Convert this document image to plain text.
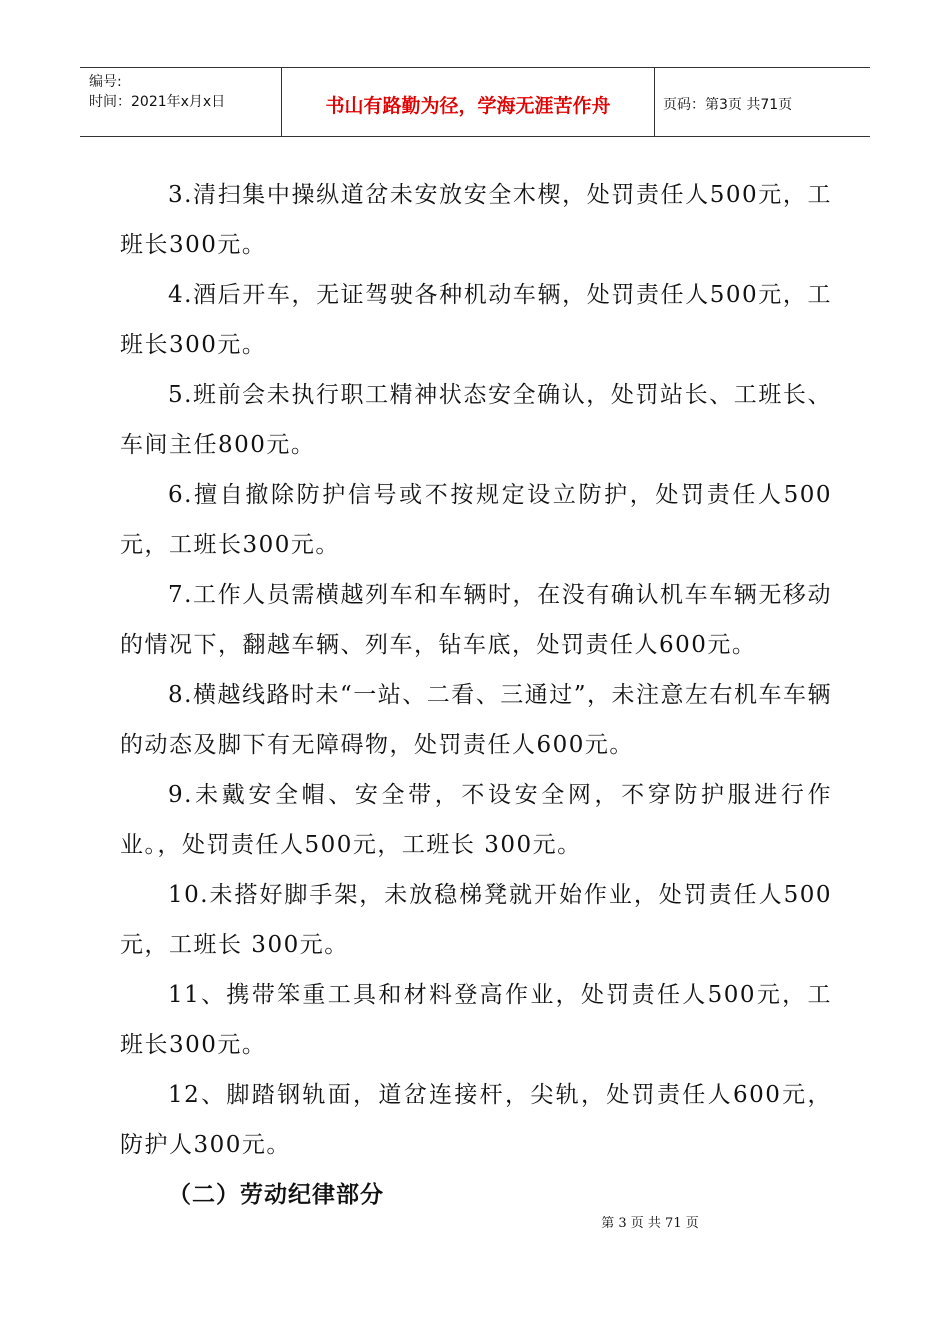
编号:
时间：2021年x月x日	书山有路勤为径，学海无涯苦作舟	页码：第3页 共71页

3.清扫集中操纵道岔未安放安全木楔，处罚责任人500元，工班长300元。

4.酒后开车，无证驾驶各种机动车辆，处罚责任人500元，工班长300元。

5.班前会未执行职工精神状态安全确认，处罚站长、工班长、车间主任800元。

6.擅自撤除防护信号或不按规定设立防护，处罚责任人500元，工班长300元。

7.工作人员需横越列车和车辆时，在没有确认机车车辆无移动的情况下，翻越车辆、列车，钻车底，处罚责任人600元。

8.横越线路时未“一站、二看、三通过”，未注意左右机车车辆的动态及脚下有无障碍物，处罚责任人600元。

9.未戴安全帽、安全带，不设安全网，不穿防护服进行作业。，处罚责任人500元，工班长 300元。

10.未搭好脚手架，未放稳梯凳就开始作业，处罚责任人500元，工班长 300元。

11、携带笨重工具和材料登高作业，处罚责任人500元，工班长300元。

12、脚踏钢轨面，道岔连接杆，尖轨，处罚责任人600元，防护人300元。

（二）劳动纪律部分

第 3 页 共 71 页
